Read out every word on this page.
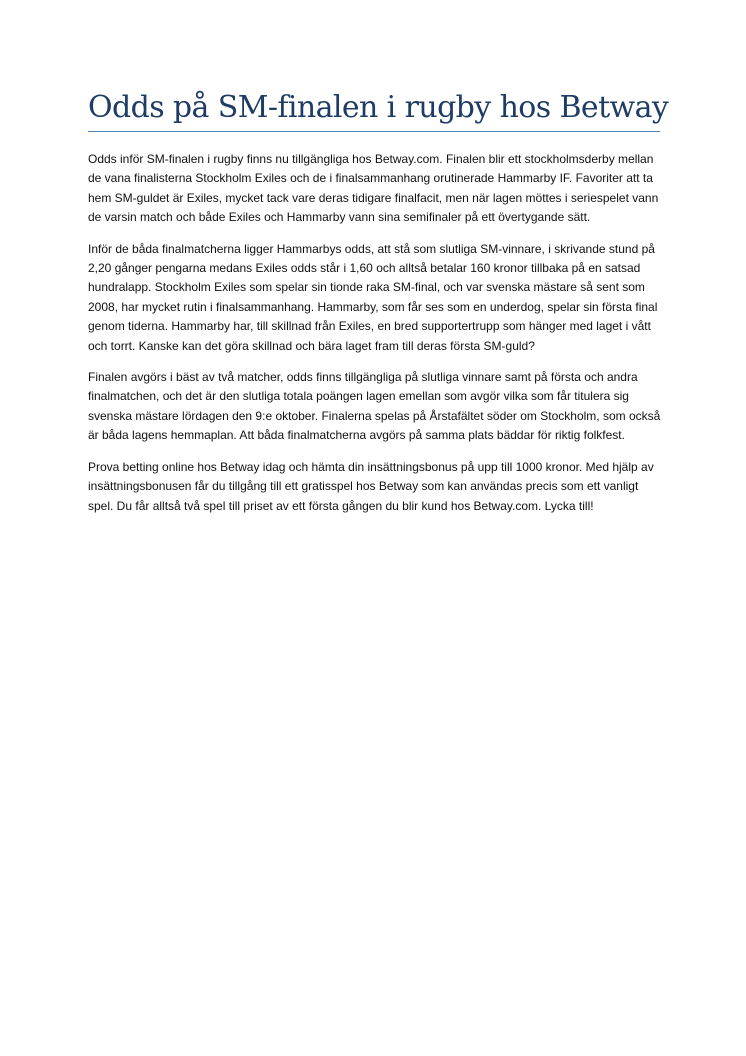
Odds på SM-finalen i rugby hos Betway

Odds inför SM-finalen i rugby finns nu tillgängliga hos Betway.com. Finalen blir ett stockholmsderby mellan de vana finalisterna Stockholm Exiles och de i finalsammanhang orutinerade Hammarby IF. Favoriter att ta hem SM-guldet är Exiles, mycket tack vare deras tidigare finalfacit, men när lagen möttes i seriespelet vann de varsin match och både Exiles och Hammarby vann sina semifinaler på ett övertygande sätt.

Inför de båda finalmatcherna ligger Hammarbys odds, att stå som slutliga SM-vinnare, i skrivande stund på 2,20 gånger pengarna medans Exiles odds står i 1,60 och alltså betalar 160 kronor tillbaka på en satsad hundralapp. Stockholm Exiles som spelar sin tionde raka SM-final, och var svenska mästare så sent som 2008, har mycket rutin i finalsammanhang. Hammarby, som får ses som en underdog, spelar sin första final genom tiderna. Hammarby har, till skillnad från Exiles, en bred supportertrupp som hänger med laget i vått och torrt. Kanske kan det göra skillnad och bära laget fram till deras första SM-guld?

Finalen avgörs i bäst av två matcher, odds finns tillgängliga på slutliga vinnare samt på första och andra finalmatchen, och det är den slutliga totala poängen lagen emellan som avgör vilka som får titulera sig svenska mästare lördagen den 9:e oktober. Finalerna spelas på Årstafältet söder om Stockholm, som också är båda lagens hemmaplan. Att båda finalmatcherna avgörs på samma plats bäddar för riktig folkfest.

Prova betting online hos Betway idag och hämta din insättningsbonus på upp till 1000 kronor. Med hjälp av insättningsbonusen får du tillgång till ett gratisspel hos Betway som kan användas precis som ett vanligt spel. Du får alltså två spel till priset av ett första gången du blir kund hos Betway.com. Lycka till!
